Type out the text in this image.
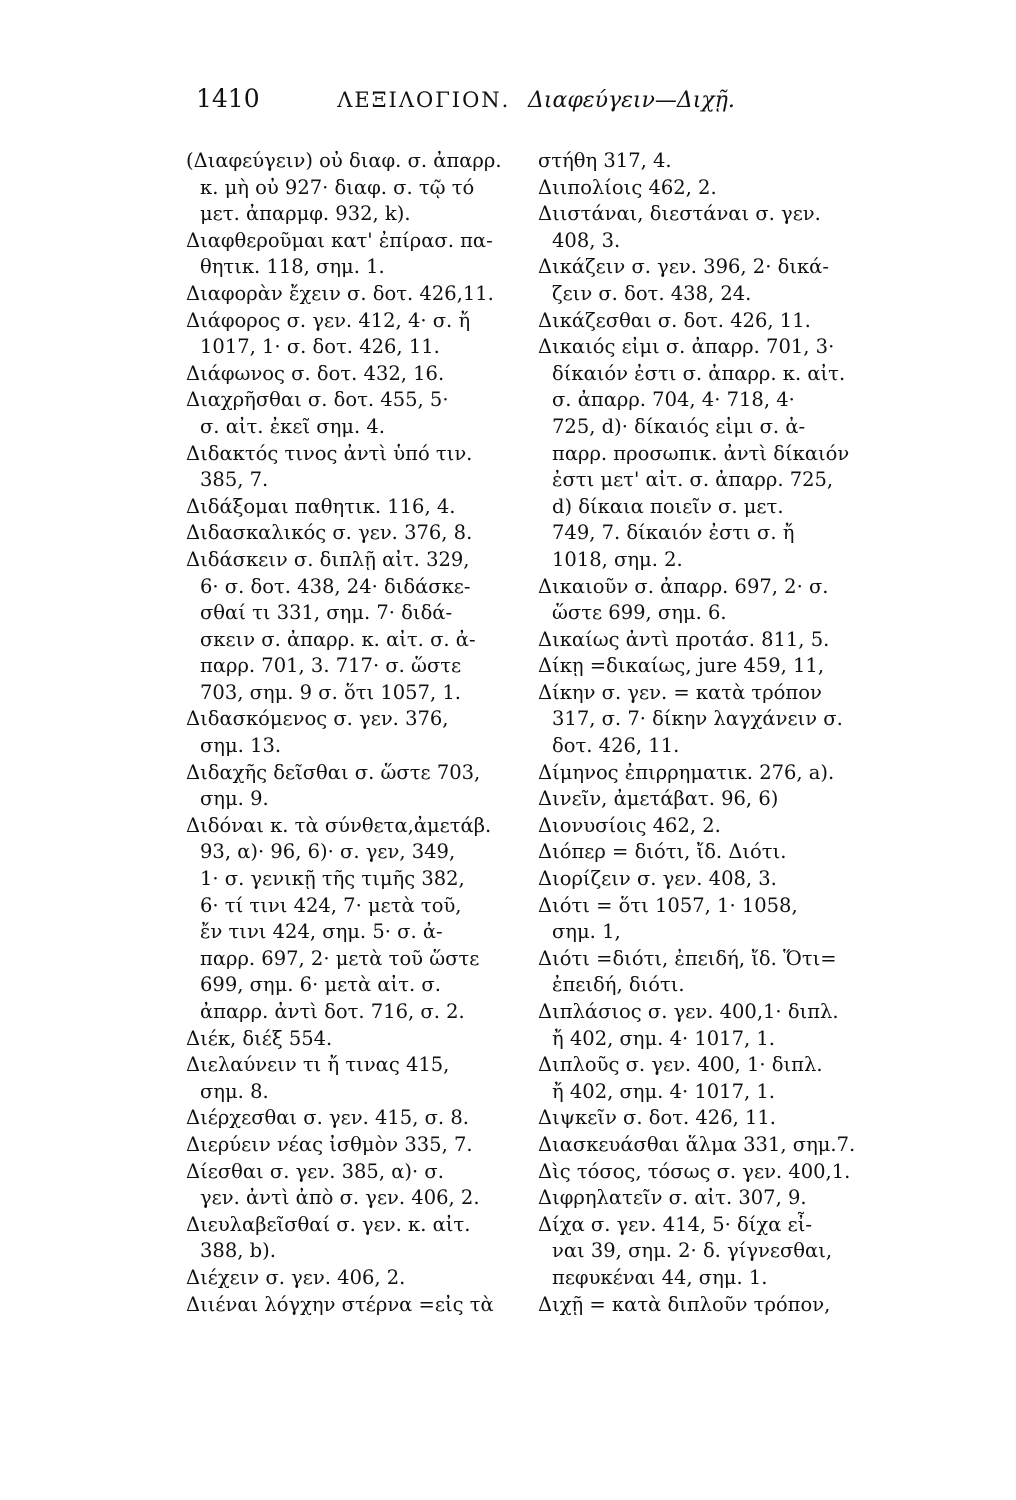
1410	ΛΕΞΙΛΟΓΙΟΝ. Διαφεύγειν—Διχῇ.
(Διαφεύγειν) οὐ διαφ. σ. ἀπαρρ.
κ. μὴ οὐ 927· διαφ. σ. τῷ τό
μετ. ἀπαρμφ. 932, k).
Διαφθεροῦμαι κατ' ἐπίρασ. πα-
θητικ. 118, σημ. 1.
Διαφορὰν ἔχειν σ. δοτ. 426,11.
Διάφορος σ. γεν. 412, 4· σ. ἤ
1017, 1· σ. δοτ. 426, 11.
Διάφωνος σ. δοτ. 432, 16.
Διαχρῆσθαι σ. δοτ. 455, 5·
σ. αἰτ. ἐκεῖ σημ. 4.
Διδακτός τινος ἀντὶ ὑπό τιν.
385, 7.
Διδάξομαι παθητικ. 116, 4.
Διδασκαλικός σ. γεν. 376, 8.
Διδάσκειν σ. διπλῇ αἰτ. 329,
6· σ. δοτ. 438, 24· διδάσκε-
σθαί τι 331, σημ. 7· διδά-
σκειν σ. ἀπαρρ. κ. αἰτ. σ. ἀ-
παρρ. 701, 3. 717· σ. ὥστε
703, σημ. 9 σ. ὅτι 1057, 1.
Διδασκόμενος σ. γεν. 376,
σημ. 13.
Διδαχῆς δεῖσθαι σ. ὥστε 703,
σημ. 9.
Διδόναι κ. τὰ σύνθετα,ἀμετάβ.
93, α)· 96, 6)· σ. γεν, 349,
1· σ. γενικῇ τῆς τιμῆς 382,
6· τί τινι 424, 7· μετὰ τοῦ,
ἔν τινι 424, σημ. 5· σ. ἀ-
παρρ. 697, 2· μετὰ τοῦ ὥστε
699, σημ. 6· μετὰ αἰτ. σ.
ἀπαρρ. ἀντὶ δοτ. 716, σ. 2.
Διέκ, διέξ 554.
Διελαύνειν τι ἤ τινας 415,
σημ. 8.
Διέρχεσθαι σ. γεν. 415, σ. 8.
Διερύειν νέας ἰσθμὸν 335, 7.
Δίεσθαι σ. γεν. 385, α)· σ.
γεν. ἀντὶ ἀπὸ σ. γεν. 406, 2.
Διευλαβεῖσθαί σ. γεν. κ. αἰτ.
388, b).
Διέχειν σ. γεν. 406, 2.
Διιέναι λόγχην στέρνα =εἰς τὰ
στήθη 317, 4.
Διιπολίοις 462, 2.
Διιστάναι, διεστάναι σ. γεν.
408, 3.
Δικάζειν σ. γεν. 396, 2· δικά-
ζειν σ. δοτ. 438, 24.
Δικάζεσθαι σ. δοτ. 426, 11.
Δικαιός εἰμι σ. ἀπαρρ. 701, 3·
δίκαιόν ἐστι σ. ἀπαρρ. κ. αἰτ.
σ. ἀπαρρ. 704, 4· 718, 4·
725, d)· δίκαιός εἰμι σ. ἀ-
παρρ. προσωπικ. ἀντὶ δίκαιόν
ἐστι μετ' αἰτ. σ. ἀπαρρ. 725,
d) δίκαια ποιεῖν σ. μετ.
749, 7. δίκαιόν ἐστι σ. ἤ
1018, σημ. 2.
Δικαιοῦν σ. ἀπαρρ. 697, 2· σ.
ὥστε 699, σημ. 6.
Δικαίως ἀντὶ προτάσ. 811, 5.
Δίκῃ =δικαίως, jure 459, 11,
Δίκην σ. γεν. = κατὰ τρόπον
317, σ. 7· δίκην λαγχάνειν σ.
δοτ. 426, 11.
Δίμηνος ἐπιρρηματικ. 276, a).
Δινεῖν, ἀμετάβατ. 96, 6)
Διονυσίοις 462, 2.
Διόπερ = διότι, ἴδ. Διότι.
Διορίζειν σ. γεν. 408, 3.
Διότι = ὅτι 1057, 1· 1058,
σημ. 1,
Διότι =διότι, ἐπειδή, ἴδ. Ὅτι=
ἐπειδή, διότι.
Διπλάσιος σ. γεν. 400,1· διπλ.
ἤ 402, σημ. 4· 1017, 1.
Διπλοῦς σ. γεν. 400, 1· διπλ.
ἤ 402, σημ. 4· 1017, 1.
Διψκεῖν σ. δοτ. 426, 11.
Διασκευάσθαι ἅλμα 331, σημ.7.
Δὶς τόσος, τόσως σ. γεν. 400,1.
Διφρηλατεῖν σ. αἰτ. 307, 9.
Δίχα σ. γεν. 414, 5· δίχα εἶ-
ναι 39, σημ. 2· δ. γίγνεσθαι,
πεφυκέναι 44, σημ. 1.
Διχῇ = κατὰ διπλοῦν τρόπον,
